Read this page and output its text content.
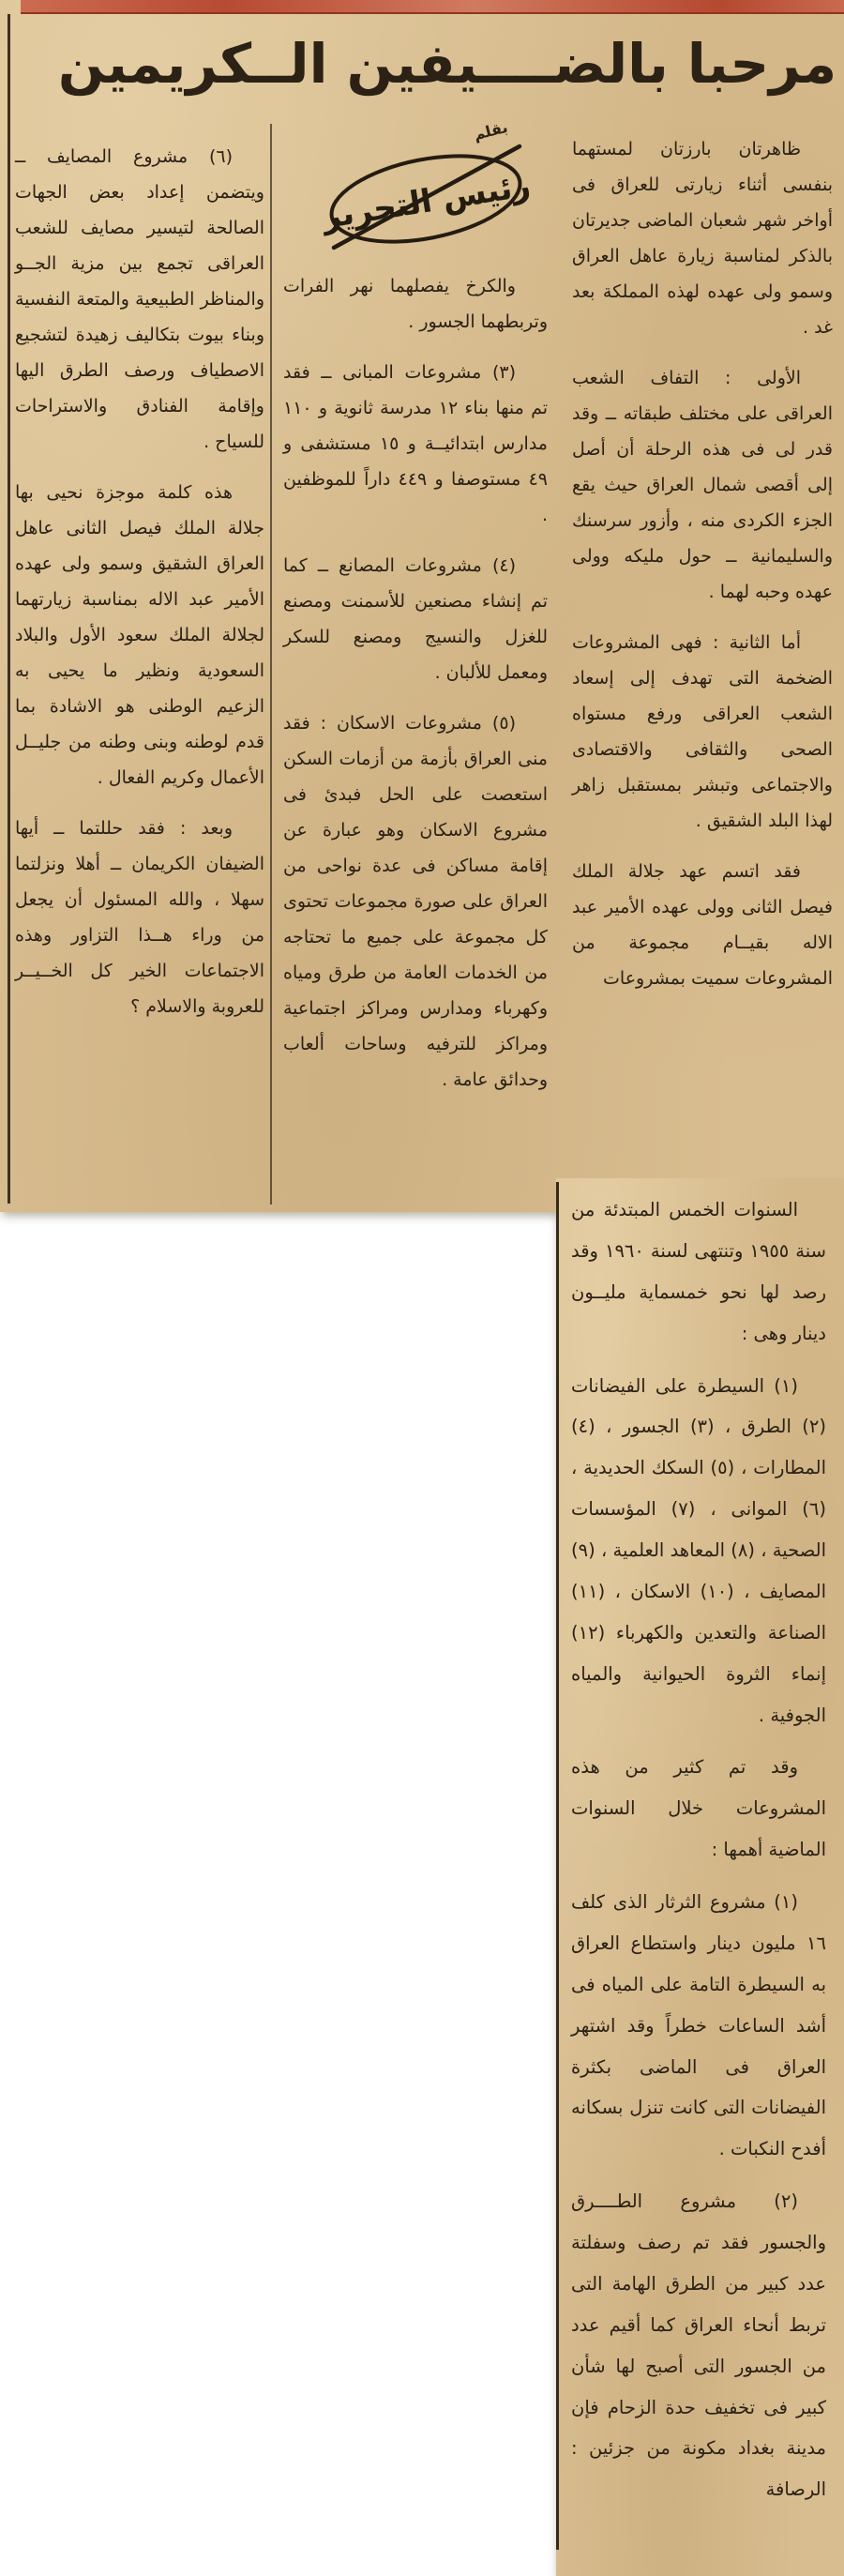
مرحبا بالضــــيفين الــكريمين

ظاهرتان بارزتان لمستهما بنفسى أثناء زيارتى للعراق فى أواخر شهر شعبان الماضى جديرتان بالذكر لمناسبة زيارة عاهل العراق وسمو ولى عهده لهذه المملكة بعد غد .

الأولى : التفاف الشعب العراقى على مختلف طبقاته ــ وقد قدر لى فى هذه الرحلة أن أصل إلى أقصى شمال العراق حيث يقع الجزء الكردى منه ، وأزور سرسنك والسليمانية ــ حول مليكه وولى عهده وحبه لهما .

أما الثانية : فهى المشروعات الضخمة التى تهدف إلى إسعاد الشعب العراقى ورفع مستواه الصحى والثقافى والاقتصادى والاجتماعى وتبشر بمستقبل زاهر لهذا البلد الشقيق .

فقد اتسم عهد جلالة الملك فيصل الثانى وولى عهده الأمير عبد الاله بقيــام مجموعة من المشروعات سميت بمشروعات

بقلم
رئيس التحرير

والكرخ يفصلهما نهر الفرات وتربطهما الجسور .

(٣) مشروعات المبانى ــ فقد تم منها بناء ١٢ مدرسة ثانوية و ١١٠ مدارس ابتدائيــة و ١٥ مستشفى و ٤٩ مستوصفا و ٤٤٩ داراً للموظفين .

(٤) مشروعات المصانع ــ كما تم إنشاء مصنعين للأسمنت ومصنع للغزل والنسيج ومصنع للسكر ومعمل للألبان .

(٥) مشروعات الاسكان : فقد منى العراق بأزمة من أزمات السكن استعصت على الحل فبدئ فى مشروع الاسكان وهو عبارة عن إقامة مساكن فى عدة نواحى من العراق على صورة مجموعات تحتوى كل مجموعة على جميع ما تحتاجه من الخدمات العامة من طرق ومياه وكهرباء ومدارس ومراكز اجتماعية ومراكز للترفيه وساحات ألعاب وحدائق عامة .

(٦) مشروع المصايف ــ ويتضمن إعداد بعض الجهات الصالحة لتيسير مصايف للشعب العراقى تجمع بين مزية الجــو والمناظر الطبيعية والمتعة النفسية وبناء بيوت بتكاليف زهيدة لتشجيع الاصطياف ورصف الطرق اليها وإقامة الفنادق والاستراحات للسياح .

هذه كلمة موجزة نحيى بها جلالة الملك فيصل الثانى عاهل العراق الشقيق وسمو ولى عهده الأمير عبد الاله بمناسبة زيارتهما لجلالة الملك سعود الأول والبلاد السعودية ونظير ما يحيى به الزعيم الوطنى هو الاشادة بما قدم لوطنه وبنى وطنه من جليــل الأعمال وكريم الفعال .

وبعد : فقد حللتما ــ أيها الضيفان الكريمان ــ أهلا ونزلتما سهلا ، والله المسئول أن يجعل من وراء هــذا التزاور وهذه الاجتماعات الخير كل الخــيــر للعروبة والاسلام ؟

السنوات الخمس المبتدئة من سنة ١٩٥٥ وتنتهى لسنة ١٩٦٠ وقد رصد لها نحو خمسماية مليــون دينار وهى :

(١) السيطرة على الفيضانات (٢) الطرق ، (٣) الجسور ، (٤) المطارات ، (٥) السكك الحديدية ، (٦) الموانى ، (٧) المؤسسات الصحية ، (٨) المعاهد العلمية ، (٩) المصايف ، (١٠) الاسكان ، (١١) الصناعة والتعدين والكهرباء (١٢) إنماء الثروة الحيوانية والمياه الجوفية .

وقد تم كثير من هذه المشروعات خلال السنوات الماضية أهمها :

(١) مشروع الثرثار الذى كلف ١٦ مليون دينار واستطاع العراق به السيطرة التامة على المياه فى أشد الساعات خطراً وقد اشتهر العراق فى الماضى بكثرة الفيضانات التى كانت تنزل بسكانه أفدح النكبات .

(٢) مشروع الطــــرق والجسور فقد تم رصف وسفلتة عدد كبير من الطرق الهامة التى تربط أنحاء العراق كما أقيم عدد من الجسور التى أصبح لها شأن كبير فى تخفيف حدة الزحام فإن مدينة بغداد مكونة من جزئين : الرصافة
